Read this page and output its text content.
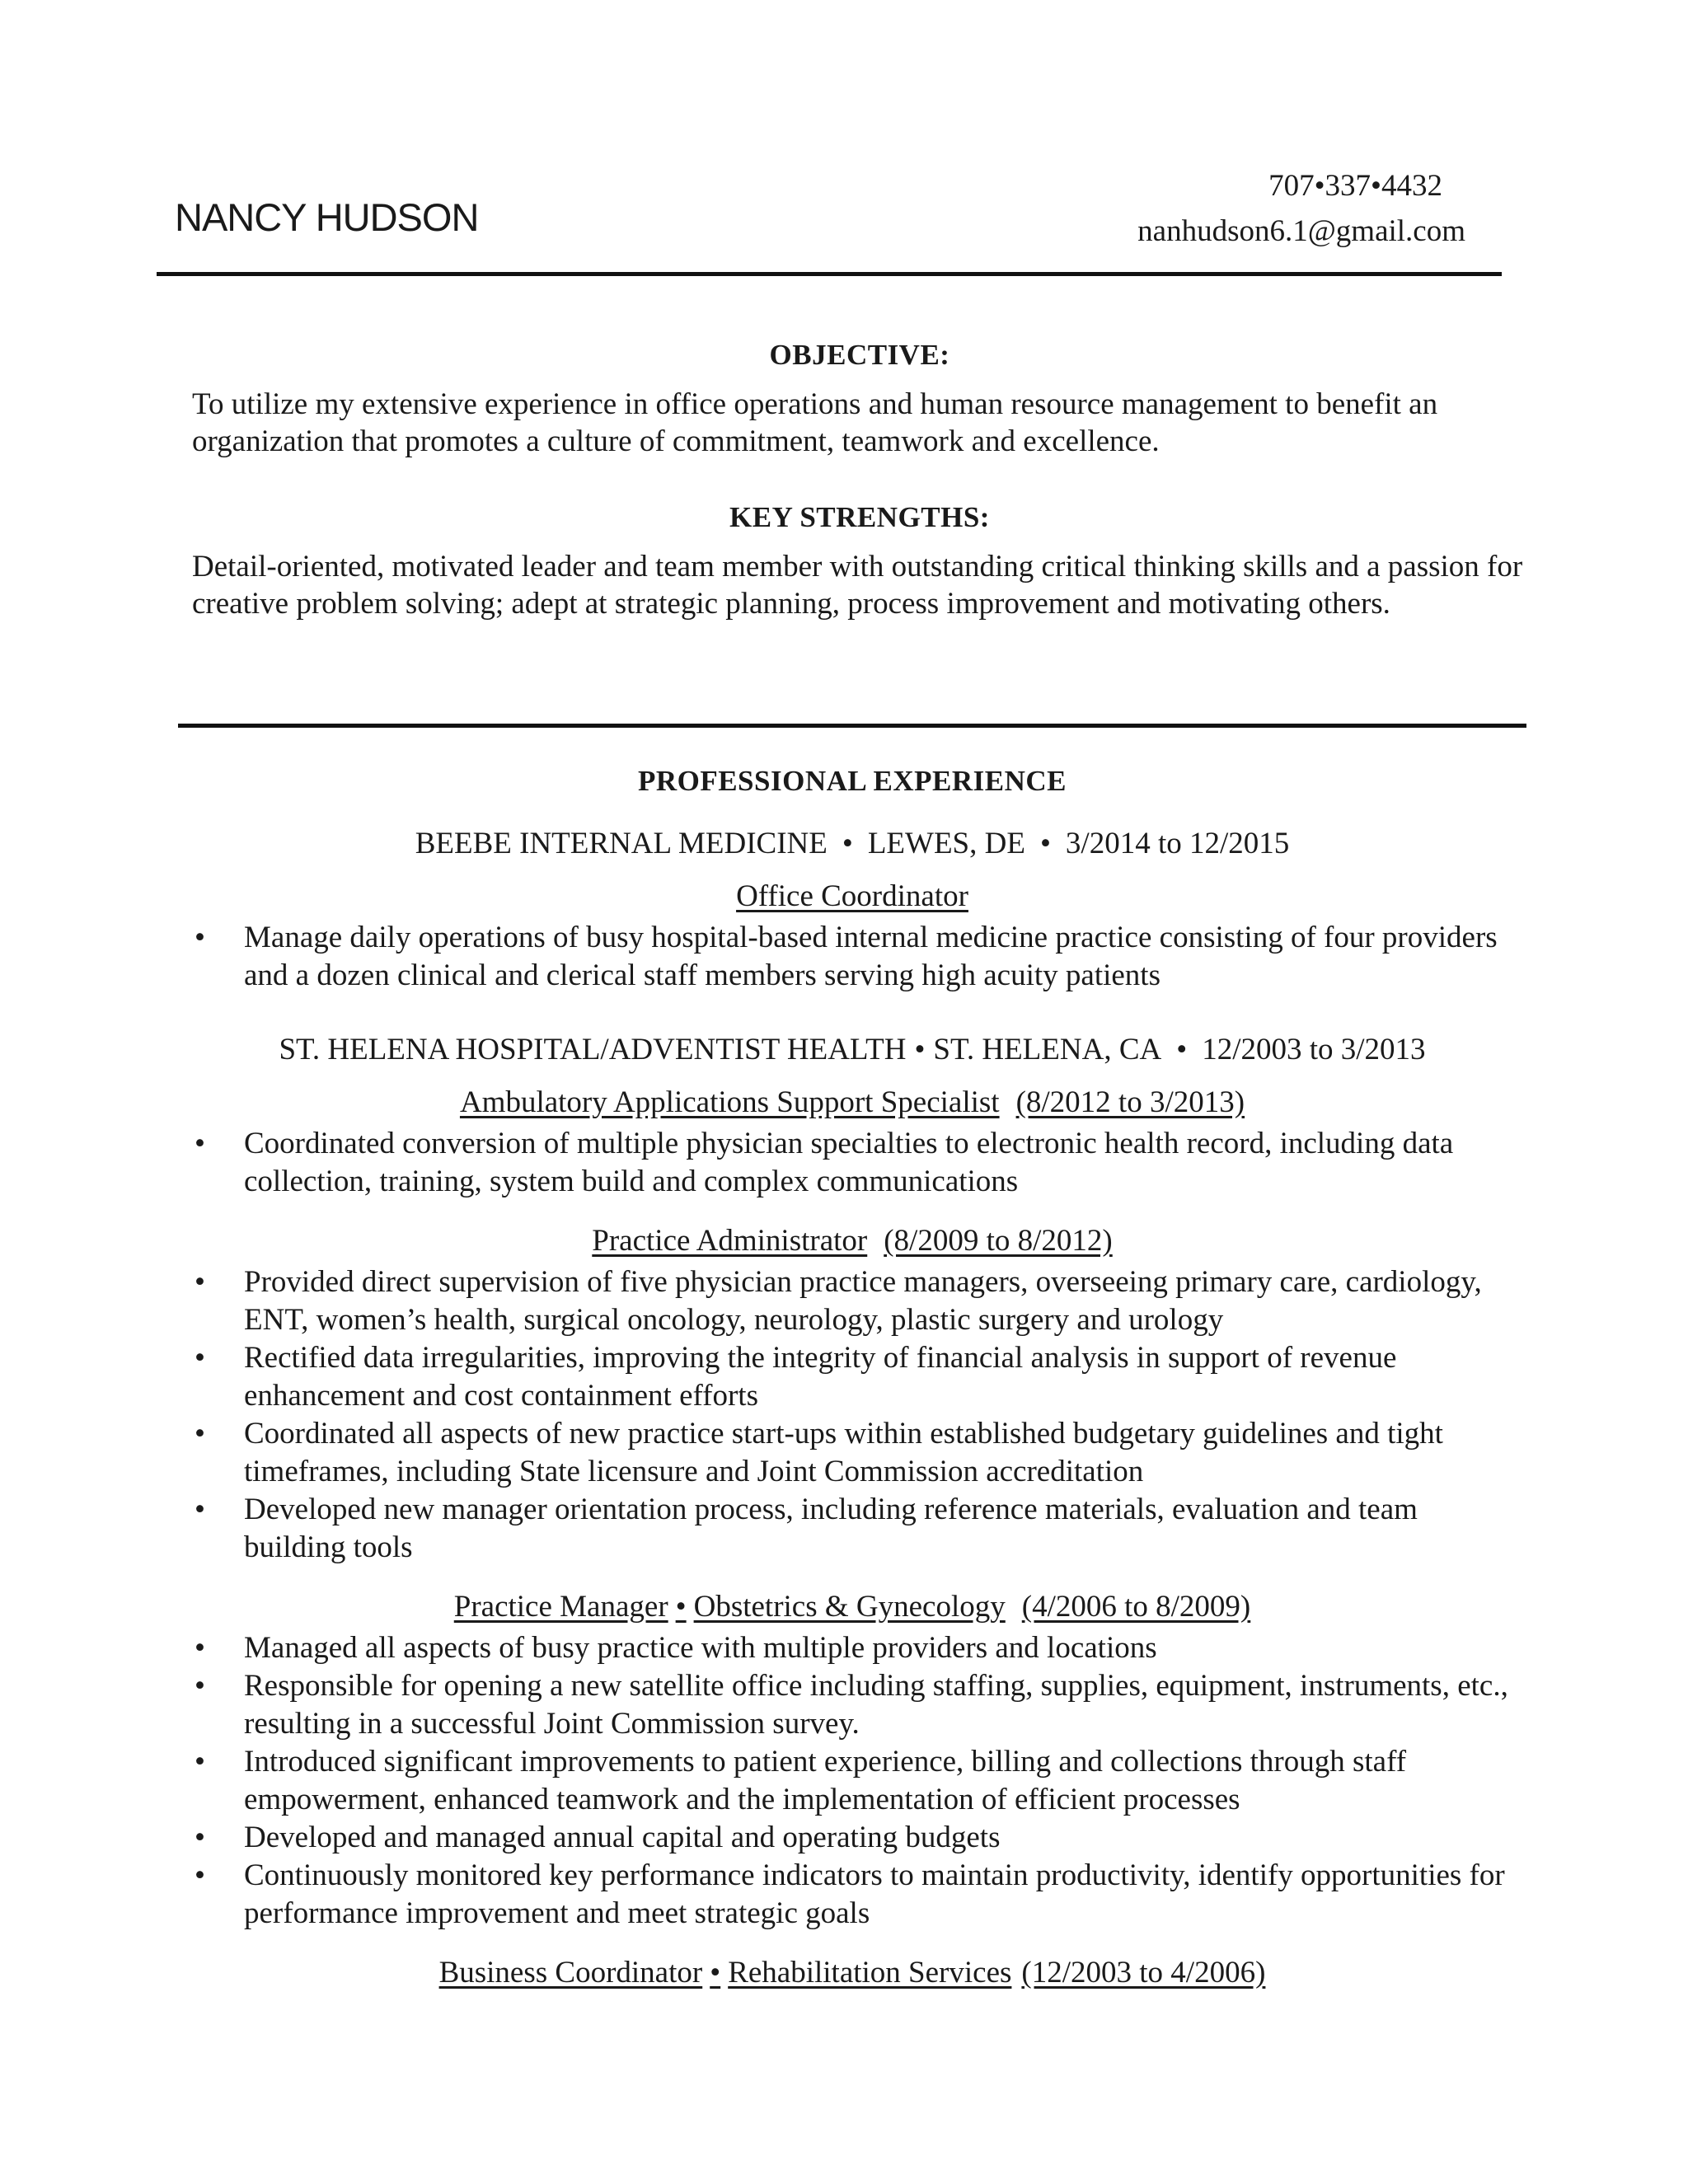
NANCY HUDSON
707•337•4432
nanhudson6.1@gmail.com

OBJECTIVE:

To utilize my extensive experience in office operations and human resource management to benefit an organization that promotes a culture of commitment, teamwork and excellence.

KEY STRENGTHS:

Detail-oriented, motivated leader and team member with outstanding critical thinking skills and a passion for creative problem solving; adept at strategic planning, process improvement and motivating others.

PROFESSIONAL EXPERIENCE

BEEBE INTERNAL MEDICINE • LEWES, DE • 3/2014 to 12/2015

Office Coordinator

• Manage daily operations of busy hospital-based internal medicine practice consisting of four providers and a dozen clinical and clerical staff members serving high acuity patients

ST. HELENA HOSPITAL/ADVENTIST HEALTH • ST. HELENA, CA • 12/2003 to 3/2013

Ambulatory Applications Support Specialist (8/2012 to 3/2013)

• Coordinated conversion of multiple physician specialties to electronic health record, including data collection, training, system build and complex communications

Practice Administrator (8/2009 to 8/2012)

• Provided direct supervision of five physician practice managers, overseeing primary care, cardiology, ENT, women’s health, surgical oncology, neurology, plastic surgery and urology
• Rectified data irregularities, improving the integrity of financial analysis in support of revenue enhancement and cost containment efforts
• Coordinated all aspects of new practice start-ups within established budgetary guidelines and tight timeframes, including State licensure and Joint Commission accreditation
• Developed new manager orientation process, including reference materials, evaluation and team building tools

Practice Manager • Obstetrics & Gynecology (4/2006 to 8/2009)

• Managed all aspects of busy practice with multiple providers and locations
• Responsible for opening a new satellite office including staffing, supplies, equipment, instruments, etc., resulting in a successful Joint Commission survey.
• Introduced significant improvements to patient experience, billing and collections through staff empowerment, enhanced teamwork and the implementation of efficient processes
• Developed and managed annual capital and operating budgets
• Continuously monitored key performance indicators to maintain productivity, identify opportunities for performance improvement and meet strategic goals

Business Coordinator • Rehabilitation Services (12/2003 to 4/2006)
